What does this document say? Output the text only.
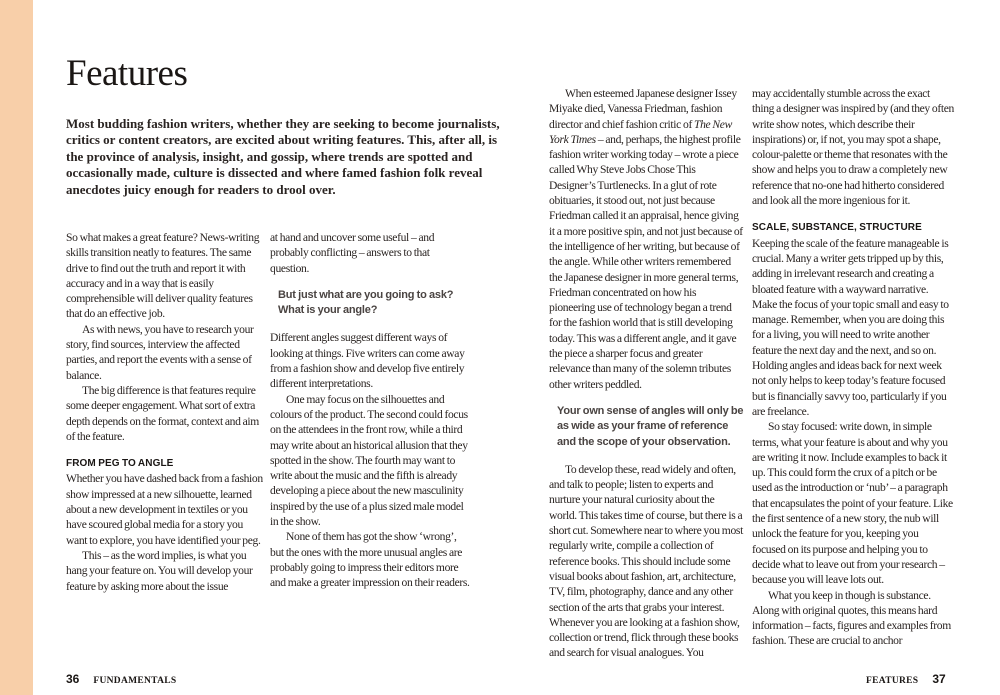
Features

Most budding fashion writers, whether they are seeking to become journalists, critics or content creators, are excited about writing features. This, after all, is the province of analysis, insight, and gossip, where trends are spotted and occasionally made, culture is dissected and where famed fashion folk reveal anecdotes juicy enough for readers to drool over.

So what makes a great feature? News-writing skills transition neatly to features. The same drive to find out the truth and report it with accuracy and in a way that is easily comprehensible will deliver quality features that do an effective job.

As with news, you have to research your story, find sources, interview the affected parties, and report the events with a sense of balance.

The big difference is that features require some deeper engagement. What sort of extra depth depends on the format, context and aim of the feature.

FROM PEG TO ANGLE

Whether you have dashed back from a fashion show impressed at a new silhouette, learned about a new development in textiles or you have scoured global media for a story you want to explore, you have identified your peg.

This – as the word implies, is what you hang your feature on. You will develop your feature by asking more about the issue

at hand and uncover some useful – and probably conflicting – answers to that question.

But just what are you going to ask? What is your angle?

Different angles suggest different ways of looking at things. Five writers can come away from a fashion show and develop five entirely different interpretations.

One may focus on the silhouettes and colours of the product. The second could focus on the attendees in the front row, while a third may write about an historical allusion that they spotted in the show. The fourth may want to write about the music and the fifth is already developing a piece about the new masculinity inspired by the use of a plus sized male model in the show.

None of them has got the show ‘wrong’, but the ones with the more unusual angles are probably going to impress their editors more and make a greater impression on their readers.

When esteemed Japanese designer Issey Miyake died, Vanessa Friedman, fashion director and chief fashion critic of The New York Times – and, perhaps, the highest profile fashion writer working today – wrote a piece called Why Steve Jobs Chose This Designer’s Turtlenecks. In a glut of rote obituaries, it stood out, not just because Friedman called it an appraisal, hence giving it a more positive spin, and not just because of the intelligence of her writing, but because of the angle. While other writers remembered the Japanese designer in more general terms, Friedman concentrated on how his pioneering use of technology began a trend for the fashion world that is still developing today. This was a different angle, and it gave the piece a sharper focus and greater relevance than many of the solemn tributes other writers peddled.

Your own sense of angles will only be as wide as your frame of reference and the scope of your observation.

To develop these, read widely and often, and talk to people; listen to experts and nurture your natural curiosity about the world. This takes time of course, but there is a short cut. Somewhere near to where you most regularly write, compile a collection of reference books. This should include some visual books about fashion, art, architecture, TV, film, photography, dance and any other section of the arts that grabs your interest. Whenever you are looking at a fashion show, collection or trend, flick through these books and search for visual analogues. You

may accidentally stumble across the exact thing a designer was inspired by (and they often write show notes, which describe their inspirations) or, if not, you may spot a shape, colour-palette or theme that resonates with the show and helps you to draw a completely new reference that no-one had hitherto considered and look all the more ingenious for it.

SCALE, SUBSTANCE, STRUCTURE

Keeping the scale of the feature manageable is crucial. Many a writer gets tripped up by this, adding in irrelevant research and creating a bloated feature with a wayward narrative. Make the focus of your topic small and easy to manage. Remember, when you are doing this for a living, you will need to write another feature the next day and the next, and so on. Holding angles and ideas back for next week not only helps to keep today’s feature focused but is financially savvy too, particularly if you are freelance.

So stay focused: write down, in simple terms, what your feature is about and why you are writing it now. Include examples to back it up. This could form the crux of a pitch or be used as the introduction or ‘nub’ – a paragraph that encapsulates the point of your feature. Like the first sentence of a new story, the nub will unlock the feature for you, keeping you focused on its purpose and helping you to decide what to leave out from your research – because you will leave lots out.

What you keep in though is substance. Along with original quotes, this means hard information – facts, figures and examples from fashion. These are crucial to anchor

36 FUNDAMENTALS	FEATURES 37
